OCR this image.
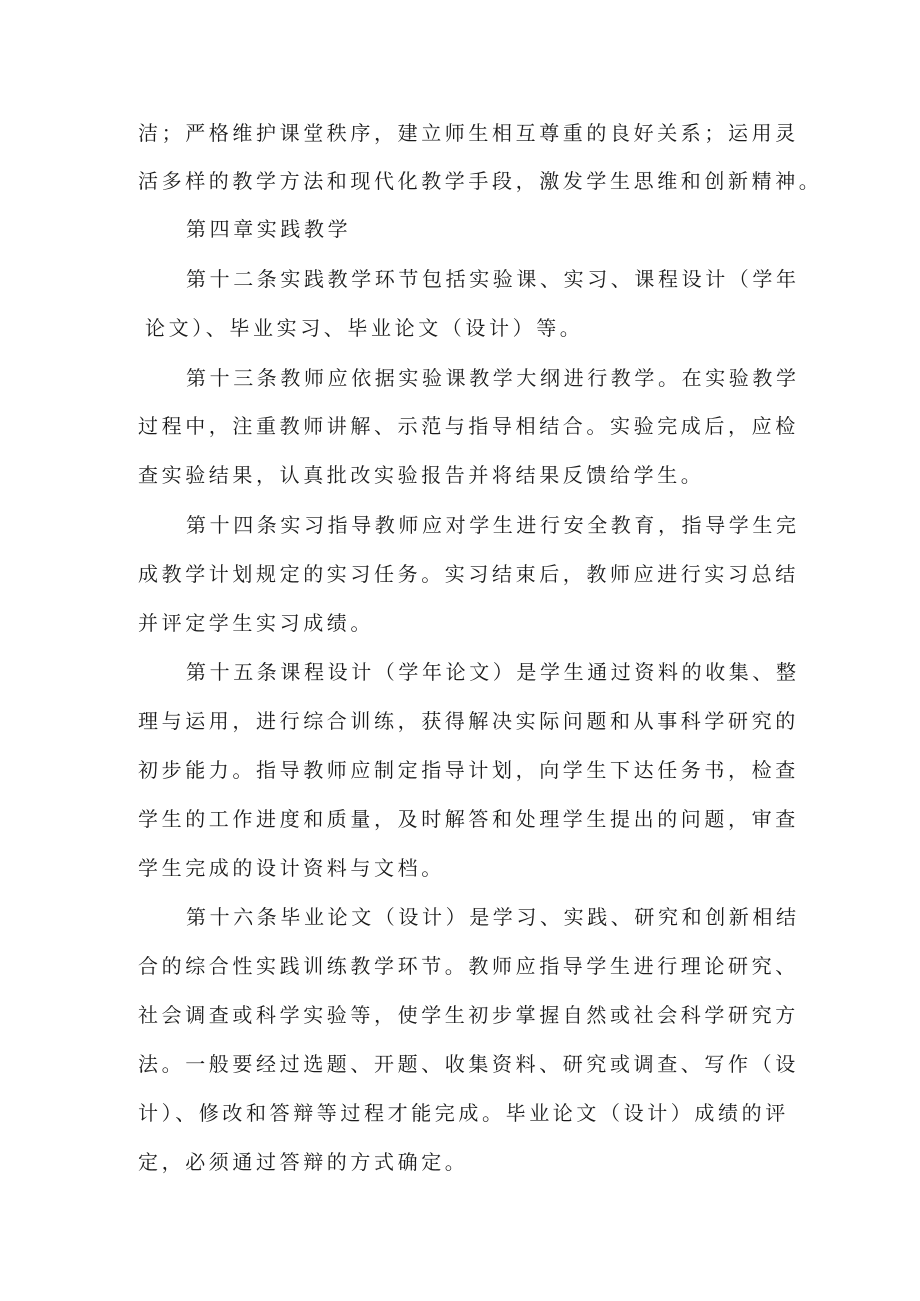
洁；严格维护课堂秩序，建立师生相互尊重的良好关系；运用灵
活多样的教学方法和现代化教学手段，激发学生思维和创新精神。
第四章实践教学
第十二条实践教学环节包括实验课、实习、课程设计（学年
论文）、毕业实习、毕业论文（设计）等。
第十三条教师应依据实验课教学大纲进行教学。在实验教学
过程中，注重教师讲解、示范与指导相结合。实验完成后，应检
查实验结果，认真批改实验报告并将结果反馈给学生。
第十四条实习指导教师应对学生进行安全教育，指导学生完
成教学计划规定的实习任务。实习结束后，教师应进行实习总结
并评定学生实习成绩。
第十五条课程设计（学年论文）是学生通过资料的收集、整
理与运用，进行综合训练，获得解决实际问题和从事科学研究的
初步能力。指导教师应制定指导计划，向学生下达任务书，检查
学生的工作进度和质量，及时解答和处理学生提出的问题，审查
学生完成的设计资料与文档。
第十六条毕业论文（设计）是学习、实践、研究和创新相结
合的综合性实践训练教学环节。教师应指导学生进行理论研究、
社会调查或科学实验等，使学生初步掌握自然或社会科学研究方
法。一般要经过选题、开题、收集资料、研究或调查、写作（设
计）、修改和答辩等过程才能完成。毕业论文（设计）成绩的评
定，必须通过答辩的方式确定。
